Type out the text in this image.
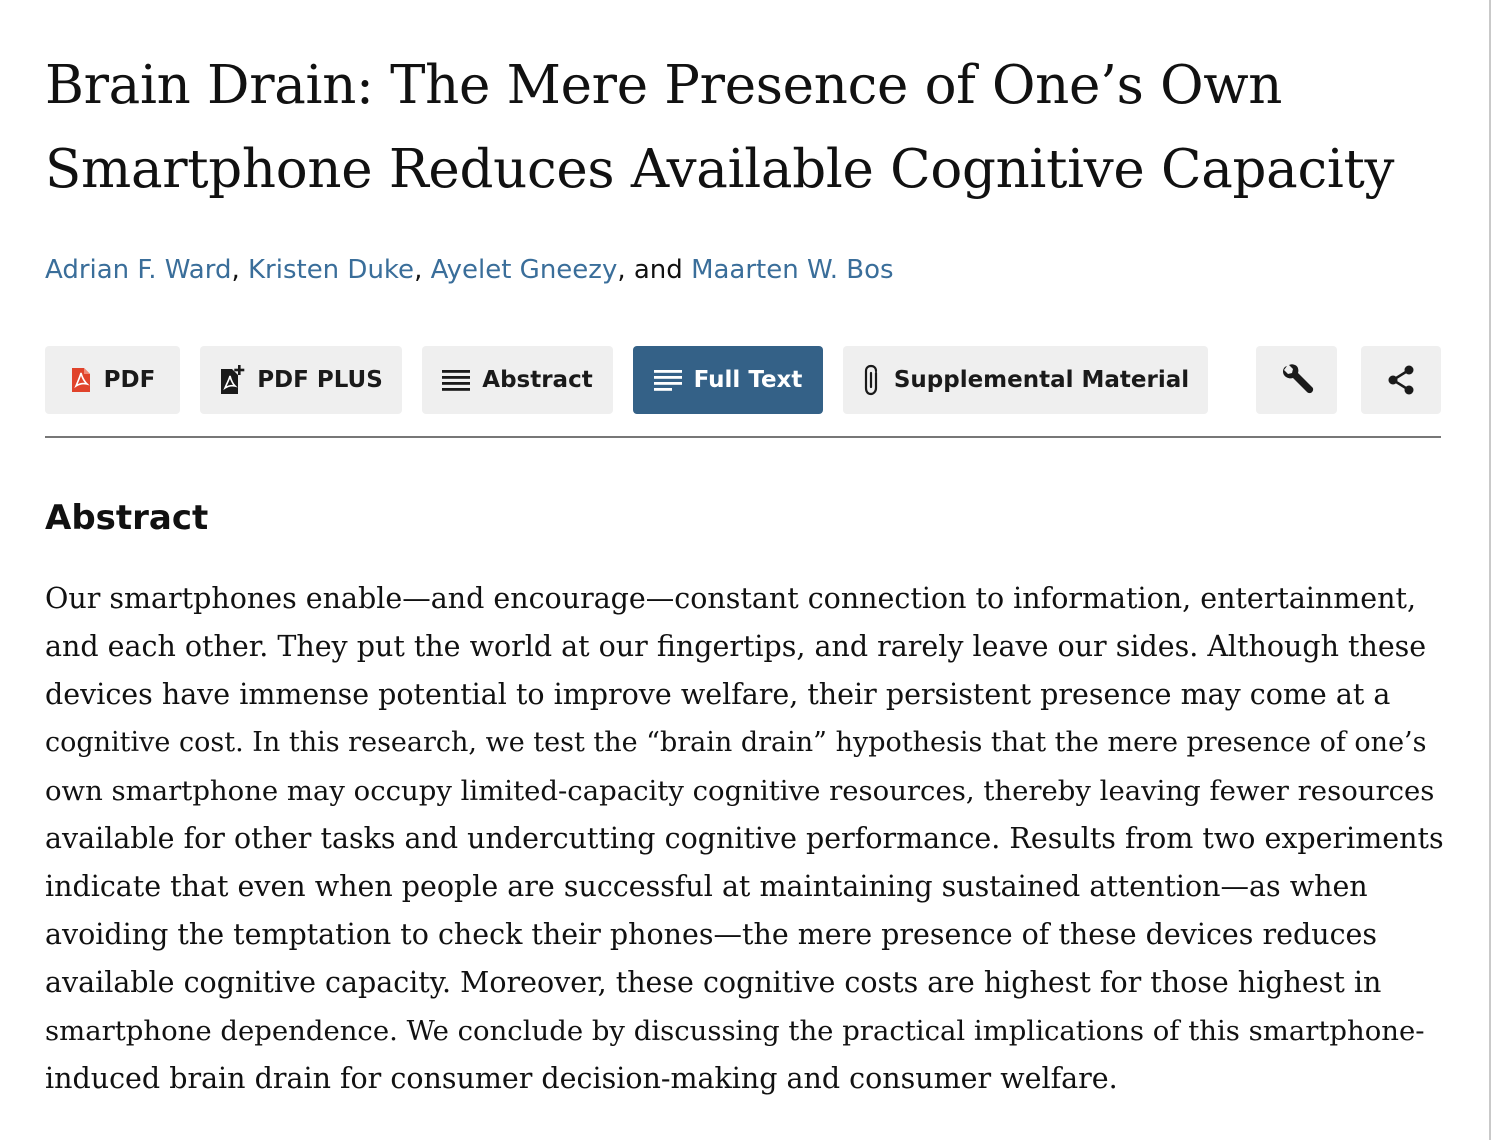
Brain Drain: The Mere Presence of One’s Own
Smartphone Reduces Available Cognitive Capacity
Adrian F. Ward, Kristen Duke, Ayelet Gneezy, and Maarten W. Bos
PDF	PDF PLUS	Abstract	Full Text	Supplemental Material
Abstract

Our smartphones enable—and encourage—constant connection to information, entertainment,
and each other. They put the world at our fingertips, and rarely leave our sides. Although these
devices have immense potential to improve welfare, their persistent presence may come at a
cognitive cost. In this research, we test the “brain drain” hypothesis that the mere presence of one’s
own smartphone may occupy limited-capacity cognitive resources, thereby leaving fewer resources
available for other tasks and undercutting cognitive performance. Results from two experiments
indicate that even when people are successful at maintaining sustained attention—as when
avoiding the temptation to check their phones—the mere presence of these devices reduces
available cognitive capacity. Moreover, these cognitive costs are highest for those highest in
smartphone dependence. We conclude by discussing the practical implications of this smartphone-
induced brain drain for consumer decision-making and consumer welfare.
